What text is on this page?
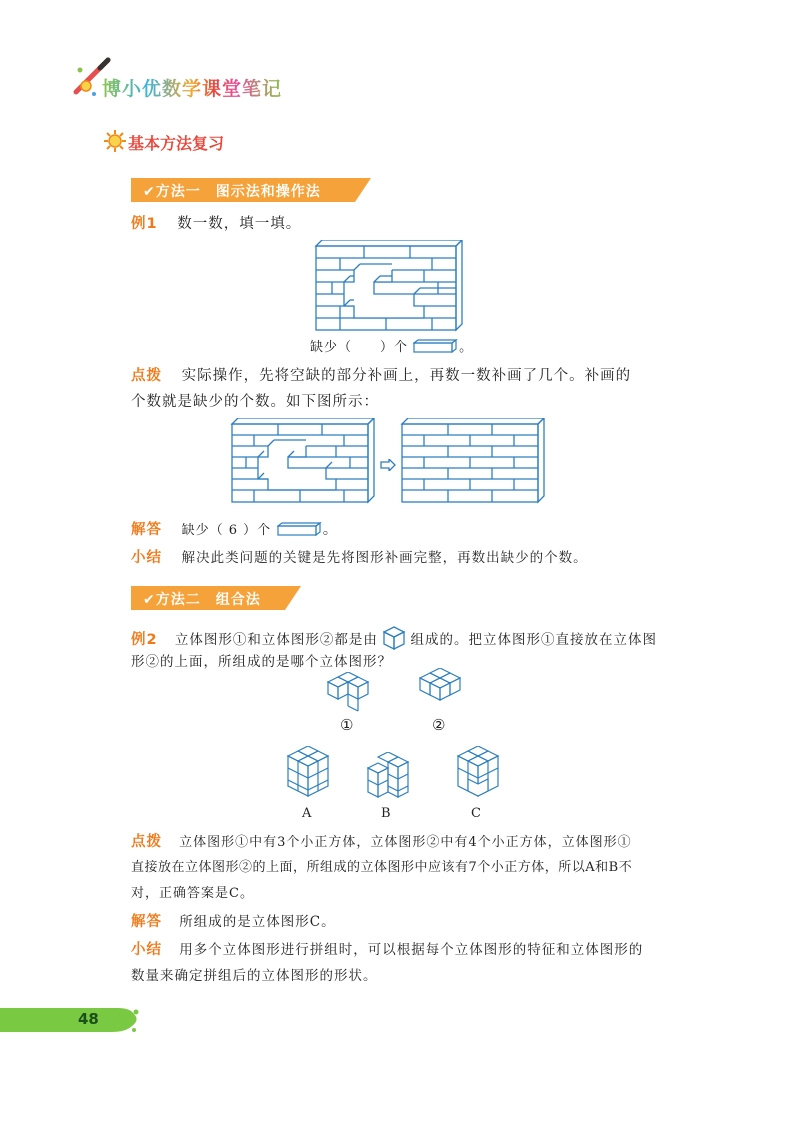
博小优数学课堂笔记
基本方法复习
✔方法一　图示法和操作法
例1 数一数，填一填。
缺少（　　）个	。
点拨 实际操作，先将空缺的部分补画上，再数一数补画了几个。补画的
个数就是缺少的个数。如下图所示：
解答 缺少（ 6 ）个	。
小结 解决此类问题的关键是先将图形补画完整，再数出缺少的个数。
✔方法二　组合法
例2 立体图形①和立体图形②都是由 组成的。把立体图形①直接放在立体图
形②的上面，所组成的是哪个立体图形？
①	②
A	B	C
点拨 立体图形①中有3个小正方体，立体图形②中有4个小正方体，立体图形①
直接放在立体图形②的上面，所组成的立体图形中应该有7个小正方体，所以A和B不
对，正确答案是C。
解答 所组成的是立体图形C。
小结 用多个立体图形进行拼组时，可以根据每个立体图形的特征和立体图形的
数量来确定拼组后的立体图形的形状。
48
